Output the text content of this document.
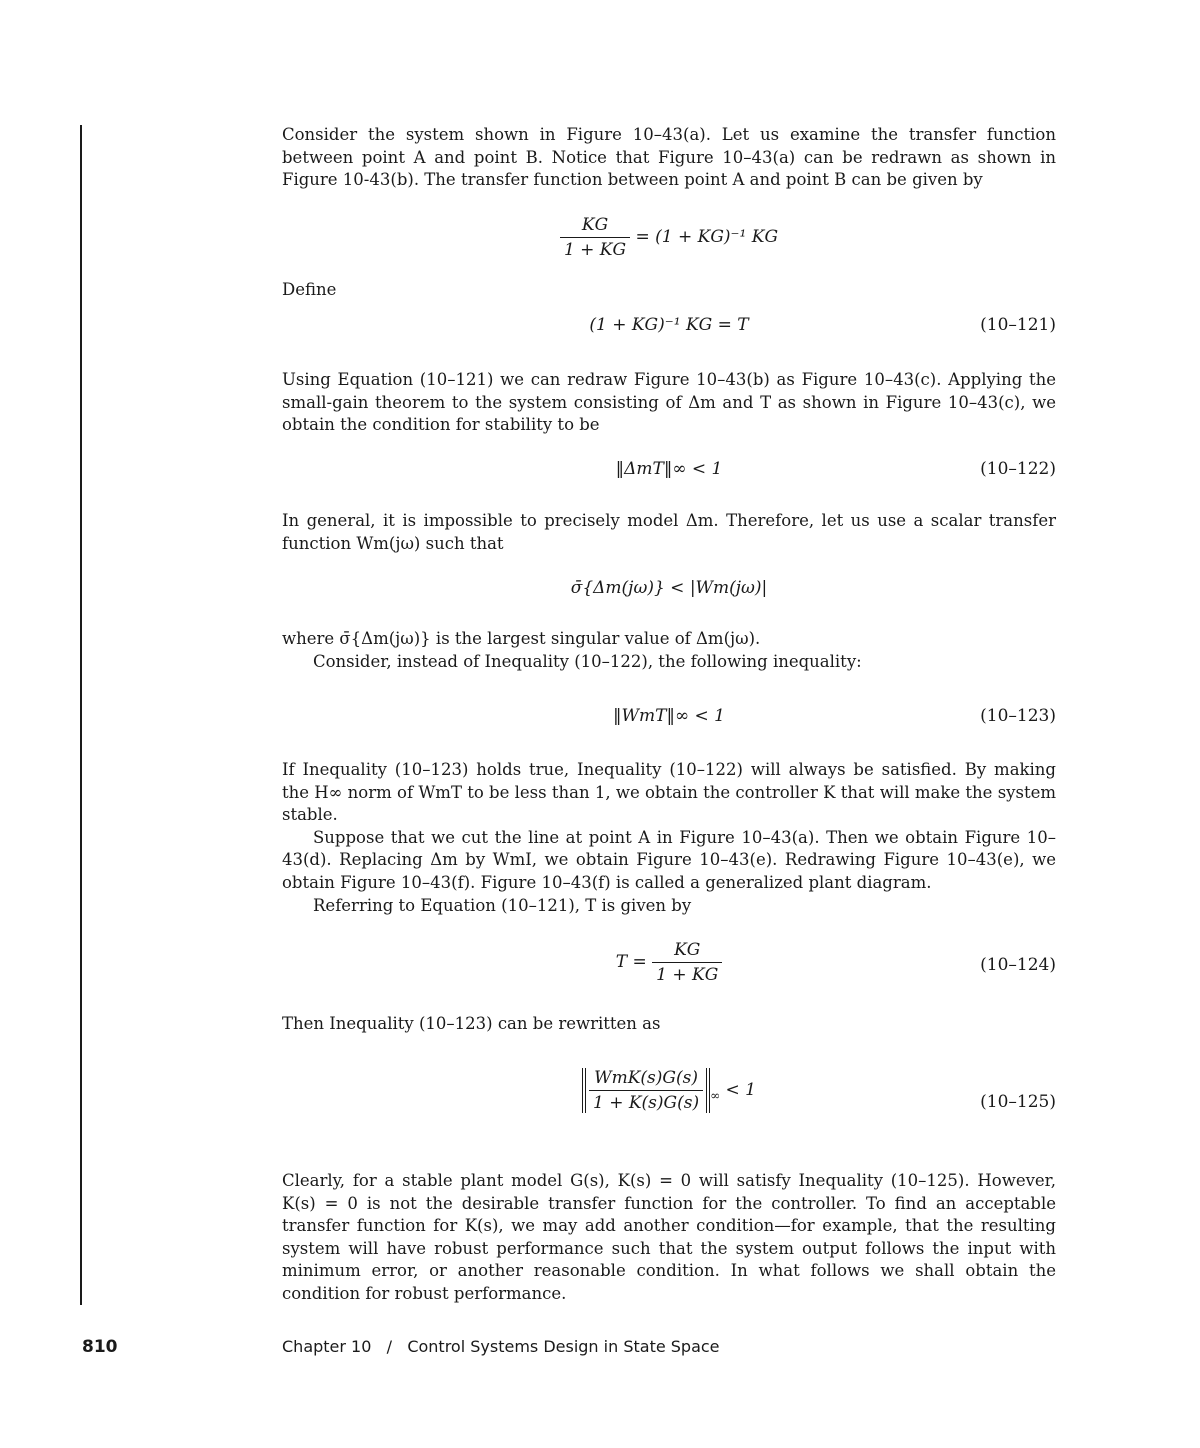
Consider the system shown in Figure 10–43(a). Let us examine the transfer function between point A and point B. Notice that Figure 10–43(a) can be redrawn as shown in Figure 10-43(b). The transfer function between point A and point B can be given by

$\frac{KG}{1 + KG} = (1 + KG)^{-1}$ KG

Define

(1 + KG)⁻¹ KG = T	(10–121)

Using Equation (10–121) we can redraw Figure 10–43(b) as Figure 10–43(c). Applying the small-gain theorem to the system consisting of Δm and T as shown in Figure 10–43(c), we obtain the condition for stability to be

‖ΔmT‖∞ < 1	(10–122)

In general, it is impossible to precisely model Δm. Therefore, let us use a scalar transfer function Wm(jω) such that

σ̄{Δm(jω)} < |Wm(jω)|

where σ̄{Δm(jω)} is the largest singular value of Δm(jω).

Consider, instead of Inequality (10–122), the following inequality:

‖WmT‖∞ < 1	(10–123)

If Inequality (10–123) holds true, Inequality (10–122) will always be satisfied. By making the H∞ norm of WmT to be less than 1, we obtain the controller K that will make the system stable.

Suppose that we cut the line at point A in Figure 10–43(a). Then we obtain Figure 10–43(d). Replacing Δm by WmI, we obtain Figure 10–43(e). Redrawing Figure 10–43(e), we obtain Figure 10–43(f). Figure 10–43(f) is called a generalized plant diagram.

Referring to Equation (10–121), T is given by

$T = \frac{KG}{1 + KG}$	(10–124)

Then Inequality (10–123) can be rewritten as

$\frac{\text{WmK(s)G(s)}}{1 + K(s)G(s)} _\infty < 1$
(10–125)

Clearly, for a stable plant model G(s), K(s) = 0 will satisfy Inequality (10–125). However, K(s) = 0 is not the desirable transfer function for the controller. To find an acceptable transfer function for K(s), we may add another condition—for example, that the resulting system will have robust performance such that the system output follows the input with minimum error, or another reasonable condition. In what follows we shall obtain the condition for robust performance.

810	Chapter 10   /   Control Systems Design in State Space
